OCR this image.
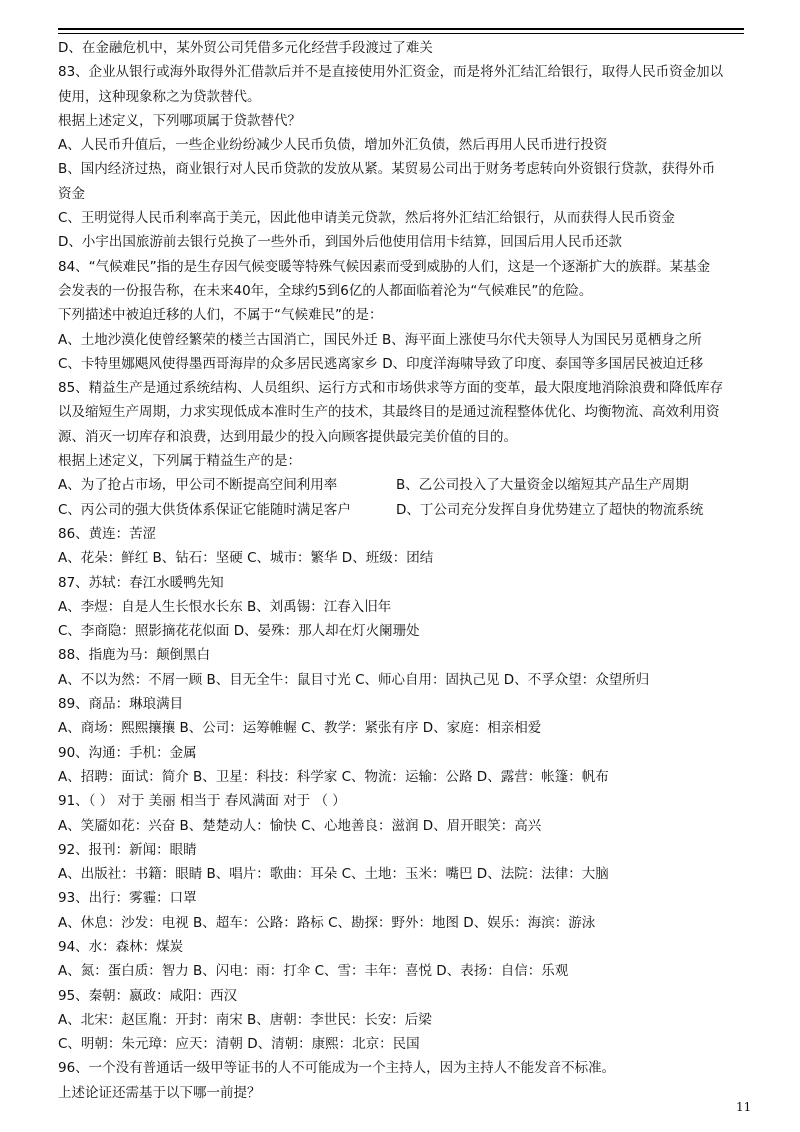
D、在金融危机中，某外贸公司凭借多元化经营手段渡过了难关
83、企业从银行或海外取得外汇借款后并不是直接使用外汇资金，而是将外汇结汇给银行，取得人民币资金加以
使用，这种现象称之为贷款替代。
根据上述定义，下列哪项属于贷款替代？
A、人民币升值后，一些企业纷纷减少人民币负债，增加外汇负债，然后再用人民币进行投资
B、国内经济过热，商业银行对人民币贷款的发放从紧。某贸易公司出于财务考虑转向外资银行贷款，获得外币
资金
C、王明觉得人民币利率高于美元，因此他申请美元贷款，然后将外汇结汇给银行，从而获得人民币资金
D、小宇出国旅游前去银行兑换了一些外币，到国外后他使用信用卡结算，回国后用人民币还款
84、“气候难民”指的是生存因气候变暖等特殊气候因素而受到威胁的人们，这是一个逐渐扩大的族群。某基金
会发表的一份报告称，在未来40年，全球约5到6亿的人都面临着沦为“气候难民”的危险。
下列描述中被迫迁移的人们，不属于“气候难民”的是：
A、土地沙漠化使曾经繁荣的楼兰古国消亡，国民外迁 B、海平面上涨使马尔代夫领导人为国民另觅栖身之所
C、卡特里娜飓风使得墨西哥海岸的众多居民逃离家乡 D、印度洋海啸导致了印度、泰国等多国居民被迫迁移
85、精益生产是通过系统结构、人员组织、运行方式和市场供求等方面的变革，最大限度地消除浪费和降低库存
以及缩短生产周期，力求实现低成本准时生产的技术，其最终目的是通过流程整体优化、均衡物流、高效利用资
源、消灭一切库存和浪费，达到用最少的投入向顾客提供最完美价值的目的。
根据上述定义，下列属于精益生产的是：
A、为了抢占市场，甲公司不断提高空间利用率	B、乙公司投入了大量资金以缩短其产品生产周期
C、丙公司的强大供货体系保证它能随时满足客户	D、丁公司充分发挥自身优势建立了超快的物流系统
86、黄连：苦涩
A、花朵：鲜红 B、钻石：坚硬 C、城市：繁华 D、班级：团结
87、苏轼：春江水暖鸭先知
A、李煜：自是人生长恨水长东 B、刘禹锡：江春入旧年
C、李商隐：照影摘花花似面 D、晏殊：那人却在灯火阑珊处
88、指鹿为马：颠倒黑白
A、不以为然：不屑一顾 B、目无全牛：鼠目寸光 C、师心自用：固执己见 D、不孚众望：众望所归
89、商品：琳琅满目
A、商场：熙熙攘攘 B、公司：运筹帷幄 C、教学：紧张有序 D、家庭：相亲相爱
90、沟通：手机：金属
A、招聘：面试：简介 B、卫星：科技：科学家 C、物流：运输：公路 D、露营：帐篷：帆布
91、（ ） 对于 美丽 相当于 春风满面 对于 （ ）
A、笑靥如花：兴奋 B、楚楚动人：愉快 C、心地善良：滋润 D、眉开眼笑：高兴
92、报刊：新闻：眼睛
A、出版社：书籍：眼睛 B、唱片：歌曲：耳朵 C、土地：玉米：嘴巴 D、法院：法律：大脑
93、出行：雾霾：口罩
A、休息：沙发：电视 B、超车：公路：路标 C、勘探：野外：地图 D、娱乐：海滨：游泳
94、水：森林：煤炭
A、氮：蛋白质：智力 B、闪电：雨：打伞 C、雪：丰年：喜悦 D、表扬：自信：乐观
95、秦朝：嬴政：咸阳：西汉
A、北宋：赵匡胤：开封：南宋 B、唐朝：李世民：长安：后梁
C、明朝：朱元璋：应天：清朝 D、清朝：康熙：北京：民国
96、一个没有普通话一级甲等证书的人不可能成为一个主持人，因为主持人不能发音不标准。
上述论证还需基于以下哪一前提？
11
